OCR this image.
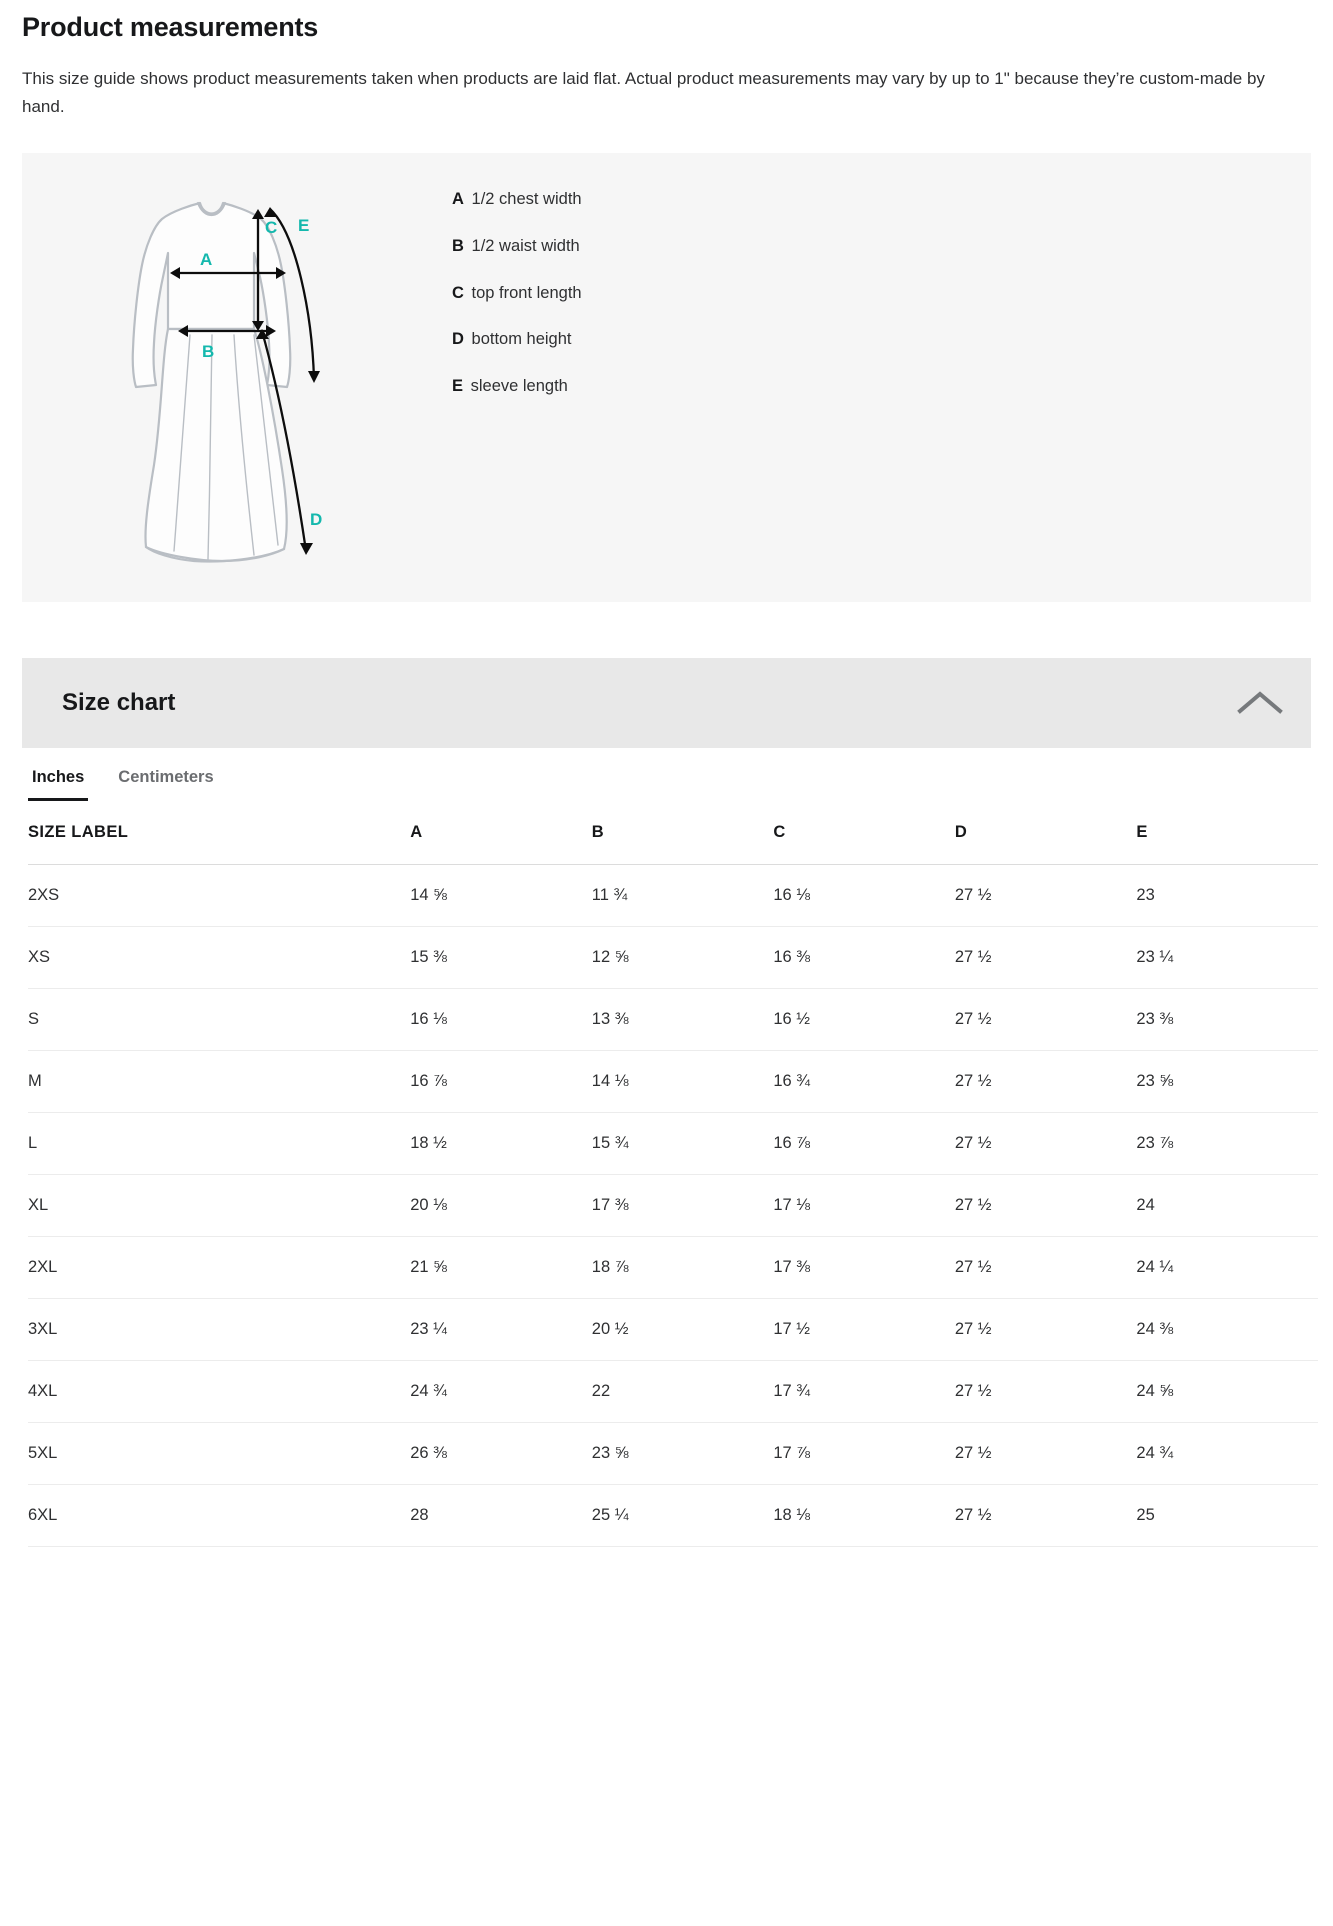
Product measurements

This size guide shows product measurements taken when products are laid flat. Actual product measurements may vary by up to 1" because they’re custom-made by hand.

A
B
C
D
E
A 1/2 chest width
B 1/2 waist width
C top front length
D bottom height
E sleeve length
Size chart
Inches Centimeters
SIZE LABEL	A	B	C	D	E
2XS	14 ⅝	11 ¾	16 ⅛	27 ½	23
XS	15 ⅜	12 ⅝	16 ⅜	27 ½	23 ¼
S	16 ⅛	13 ⅜	16 ½	27 ½	23 ⅜
M	16 ⅞	14 ⅛	16 ¾	27 ½	23 ⅝
L	18 ½	15 ¾	16 ⅞	27 ½	23 ⅞
XL	20 ⅛	17 ⅜	17 ⅛	27 ½	24
2XL	21 ⅝	18 ⅞	17 ⅜	27 ½	24 ¼
3XL	23 ¼	20 ½	17 ½	27 ½	24 ⅜
4XL	24 ¾	22	17 ¾	27 ½	24 ⅝
5XL	26 ⅜	23 ⅝	17 ⅞	27 ½	24 ¾
6XL	28	25 ¼	18 ⅛	27 ½	25
